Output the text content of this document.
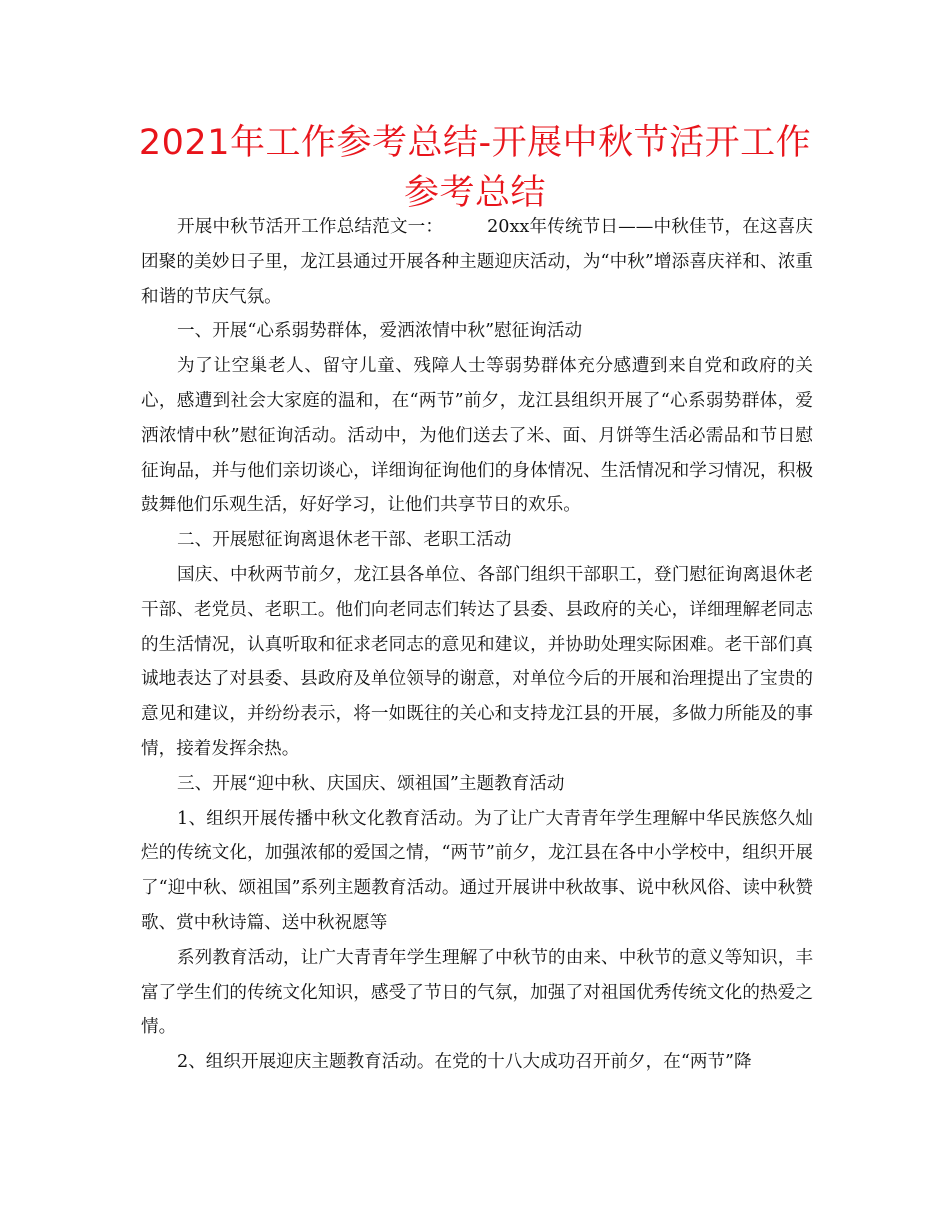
2021年工作参考总结-开展中秋节活开工作参考总结

开展中秋节活开工作总结范文一：	20xx年传统节日——中秋佳节，在这喜庆团聚的美妙日子里，龙江县通过开展各种主题迎庆活动，为“中秋”增添喜庆祥和、浓重和谐的节庆气氛。

一、开展“心系弱势群体，爱洒浓情中秋”慰征询活动

为了让空巢老人、留守儿童、残障人士等弱势群体充分感遭到来自党和政府的关心，感遭到社会大家庭的温和，在“两节”前夕，龙江县组织开展了“心系弱势群体，爱洒浓情中秋”慰征询活动。活动中，为他们送去了米、面、月饼等生活必需品和节日慰征询品，并与他们亲切谈心，详细询征询他们的身体情况、生活情况和学习情况，积极鼓舞他们乐观生活，好好学习，让他们共享节日的欢乐。

二、开展慰征询离退休老干部、老职工活动

国庆、中秋两节前夕，龙江县各单位、各部门组织干部职工，登门慰征询离退休老干部、老党员、老职工。他们向老同志们转达了县委、县政府的关心，详细理解老同志的生活情况，认真听取和征求老同志的意见和建议，并协助处理实际困难。老干部们真诚地表达了对县委、县政府及单位领导的谢意，对单位今后的开展和治理提出了宝贵的意见和建议，并纷纷表示，将一如既往的关心和支持龙江县的开展，多做力所能及的事情，接着发挥余热。

三、开展“迎中秋、庆国庆、颂祖国”主题教育活动

1、组织开展传播中秋文化教育活动。为了让广大青青年学生理解中华民族悠久灿烂的传统文化，加强浓郁的爱国之情，“两节”前夕，龙江县在各中小学校中，组织开展了“迎中秋、颂祖国”系列主题教育活动。通过开展讲中秋故事、说中秋风俗、读中秋赞歌、赏中秋诗篇、送中秋祝愿等

系列教育活动，让广大青青年学生理解了中秋节的由来、中秋节的意义等知识，丰富了学生们的传统文化知识，感受了节日的气氛，加强了对祖国优秀传统文化的热爱之情。

2、组织开展迎庆主题教育活动。在党的十八大成功召开前夕，在“两节”降
